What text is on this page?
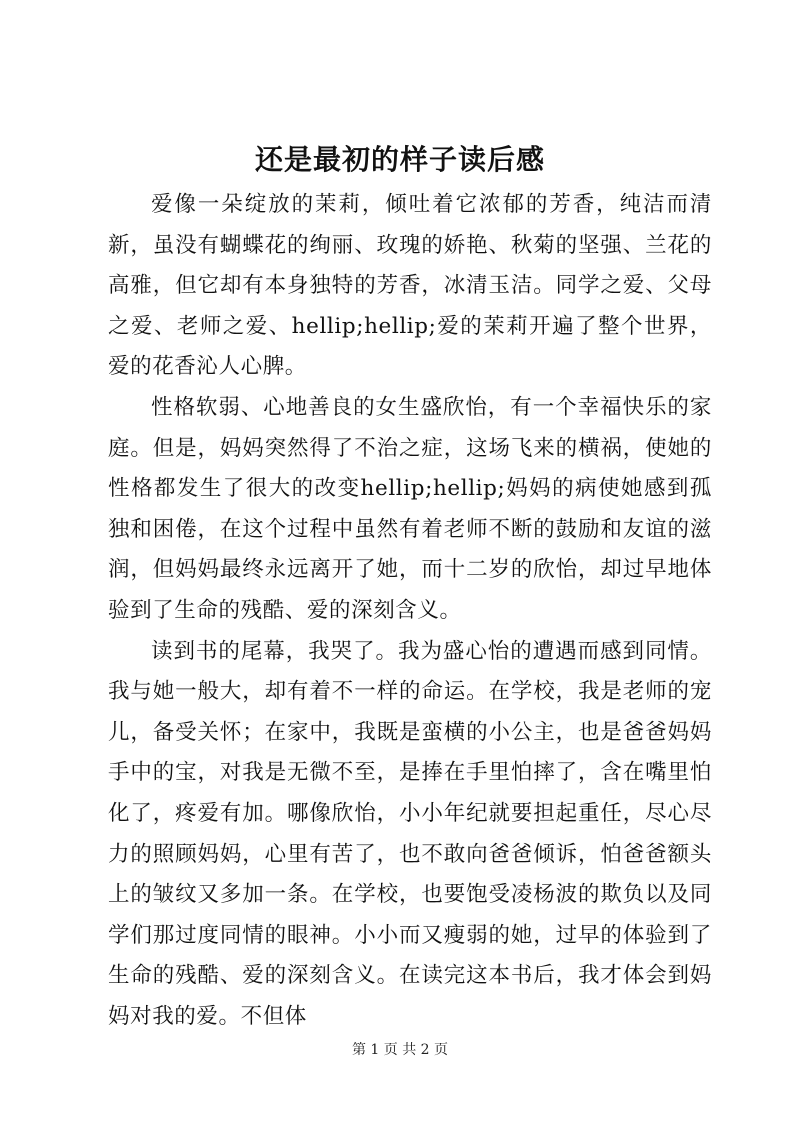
还是最初的样子读后感

爱像一朵绽放的茉莉，倾吐着它浓郁的芳香，纯洁而清新，虽没有蝴蝶花的绚丽、玫瑰的娇艳、秋菊的坚强、兰花的高雅，但它却有本身独特的芳香，冰清玉洁。同学之爱、父母之爱、老师之爱、hellip;hellip;爱的茉莉开遍了整个世界，爱的花香沁人心脾。

性格软弱、心地善良的女生盛欣怡，有一个幸福快乐的家庭。但是，妈妈突然得了不治之症，这场飞来的横祸，使她的性格都发生了很大的改变hellip;hellip;妈妈的病使她感到孤独和困倦，在这个过程中虽然有着老师不断的鼓励和友谊的滋润，但妈妈最终永远离开了她，而十二岁的欣怡，却过早地体验到了生命的残酷、爱的深刻含义。

读到书的尾幕，我哭了。我为盛心怡的遭遇而感到同情。我与她一般大，却有着不一样的命运。在学校，我是老师的宠儿，备受关怀；在家中，我既是蛮横的小公主，也是爸爸妈妈手中的宝，对我是无微不至，是捧在手里怕摔了，含在嘴里怕化了，疼爱有加。哪像欣怡，小小年纪就要担起重任，尽心尽力的照顾妈妈，心里有苦了，也不敢向爸爸倾诉，怕爸爸额头上的皱纹又多加一条。在学校，也要饱受凌杨波的欺负以及同学们那过度同情的眼神。小小而又瘦弱的她，过早的体验到了生命的残酷、爱的深刻含义。在读完这本书后，我才体会到妈妈对我的爱。不但体

第 1 页 共 2 页
